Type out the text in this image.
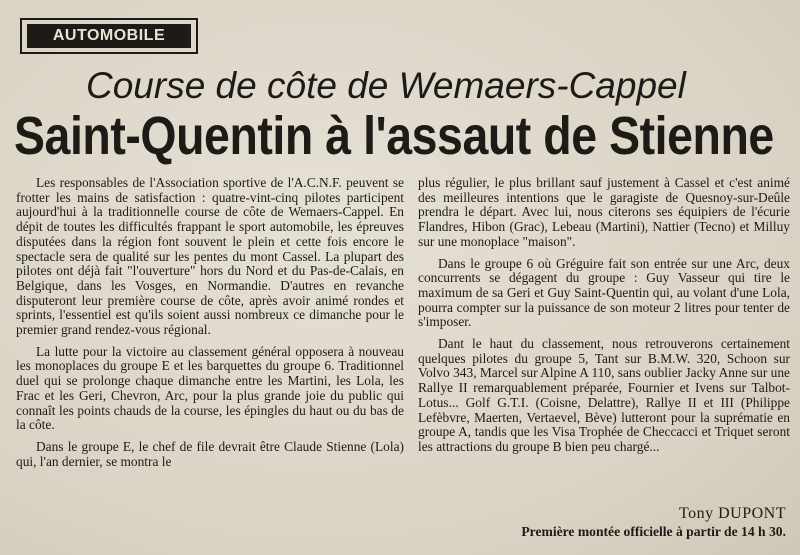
AUTOMOBILE
Course de côte de Wemaers-Cappel
Saint-Quentin à l'assaut de Stienne

Les responsables de l'Association sportive de l'A.C.N.F. peuvent se frotter les mains de satisfaction : quatre-vint-cinq pilotes participent aujourd'hui à la traditionnelle course de côte de Wemaers-Cappel. En dépit de toutes les difficultés frappant le sport automobile, les épreuves disputées dans la région font souvent le plein et cette fois encore le spectacle sera de qualité sur les pentes du mont Cassel. La plupart des pilotes ont déjà fait "l'ouverture" hors du Nord et du Pas-de-Calais, en Belgique, dans les Vosges, en Normandie. D'autres en revanche disputeront leur première course de côte, après avoir animé rondes et sprints, l'essentiel est qu'ils soient aussi nombreux ce dimanche pour le premier grand rendez-vous régional.

La lutte pour la victoire au classement général opposera à nouveau les monoplaces du groupe E et les barquettes du groupe 6. Traditionnel duel qui se prolonge chaque dimanche entre les Martini, les Lola, les Frac et les Geri, Chevron, Arc, pour la plus grande joie du public qui connaît les points chauds de la course, les épingles du haut ou du bas de la côte.

Dans le groupe E, le chef de file devrait être Claude Stienne (Lola) qui, l'an dernier, se montra le

plus régulier, le plus brillant sauf justement à Cassel et c'est animé des meilleures intentions que le garagiste de Quesnoy-sur-Deûle prendra le départ. Avec lui, nous citerons ses équipiers de l'écurie Flandres, Hibon (Grac), Lebeau (Martini), Nattier (Tecno) et Milluy sur une monoplace "maison".

Dans le groupe 6 où Gréguire fait son entrée sur une Arc, deux concurrents se dégagent du groupe : Guy Vasseur qui tire le maximum de sa Geri et Guy Saint-Quentin qui, au volant d'une Lola, pourra compter sur la puissance de son moteur 2 litres pour tenter de s'imposer.

Dant le haut du classement, nous retrouverons certainement quelques pilotes du groupe 5, Tant sur B.M.W. 320, Schoon sur Volvo 343, Marcel sur Alpine A 110, sans oublier Jacky Anne sur une Rallye II remarquablement préparée, Fournier et Ivens sur Talbot-Lotus... Golf G.T.I. (Coisne, Delattre), Rallye II et III (Philippe Lefèbvre, Maerten, Vertaevel, Bève) lutteront pour la suprématie en groupe A, tandis que les Visa Trophée de Checcacci et Triquet seront les attractions du groupe B bien peu chargé...

Tony DUPONT
Première montée officielle à partir de 14 h 30.
